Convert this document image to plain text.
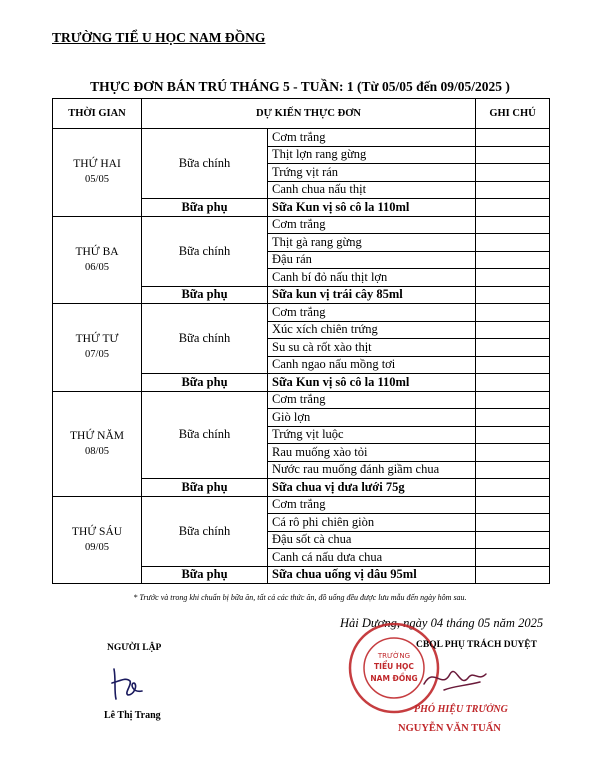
TRƯỜNG TIỂ U HỌC NAM ĐỒNG
THỰC ĐƠN BÁN TRÚ THÁNG 5 - TUẦN: 1 (Từ 05/05 đến 09/05/2025 )
THỜI GIAN	DỰ KIẾN THỰC ĐƠN		GHI CHÚ
THỨ HAI
05/05	Bữa chính	Cơm trắng	
		Thịt lợn rang gừng	
		Trứng vịt rán	
		Canh chua nấu thịt	
	Bữa phụ	Sữa Kun vị sô cô la 110ml	
THỨ BA
06/05	Bữa chính	Cơm trắng	
		Thịt gà rang gừng	
		Đậu rán	
		Canh bí đỏ nấu thịt lợn	
	Bữa phụ	Sữa kun vị trái cây 85ml	
THỨ TƯ
07/05	Bữa chính	Cơm trắng	
		Xúc xích chiên trứng	
		Su su cà rốt xào thịt	
		Canh ngao nấu mồng tơi	
	Bữa phụ	Sữa Kun vị sô cô la 110ml	
THỨ NĂM
08/05	Bữa chính	Cơm trắng	
		Giò lợn	
		Trứng vịt luộc	
		Rau muống xào tỏi	
		Nước rau muống đánh giầm chua	
	Bữa phụ	Sữa chua vị dưa lưới 75g	
THỨ SÁU
09/05	Bữa chính	Cơm trắng	
		Cá rô phi chiên giòn	
		Đậu sốt cà chua	
		Canh cá nấu dưa chua	
	Bữa phụ	Sữa chua uống vị dâu 95ml	
* Trước và trong khi chuẩn bị bữa ăn, tất cả các thức ăn, đồ uống đều được lưu mẫu đến ngày hôm sau.
Hải Dương, ngày 04 tháng 05 năm 2025
NGƯỜI LẬP
Lê Thị Trang
TRƯỜNG
TIỂU HỌC
NAM ĐỒNG
CBQL PHỤ TRÁCH DUYỆT
PHÓ HIỆU TRƯỞNG
NGUYỄN VĂN TUẤN
